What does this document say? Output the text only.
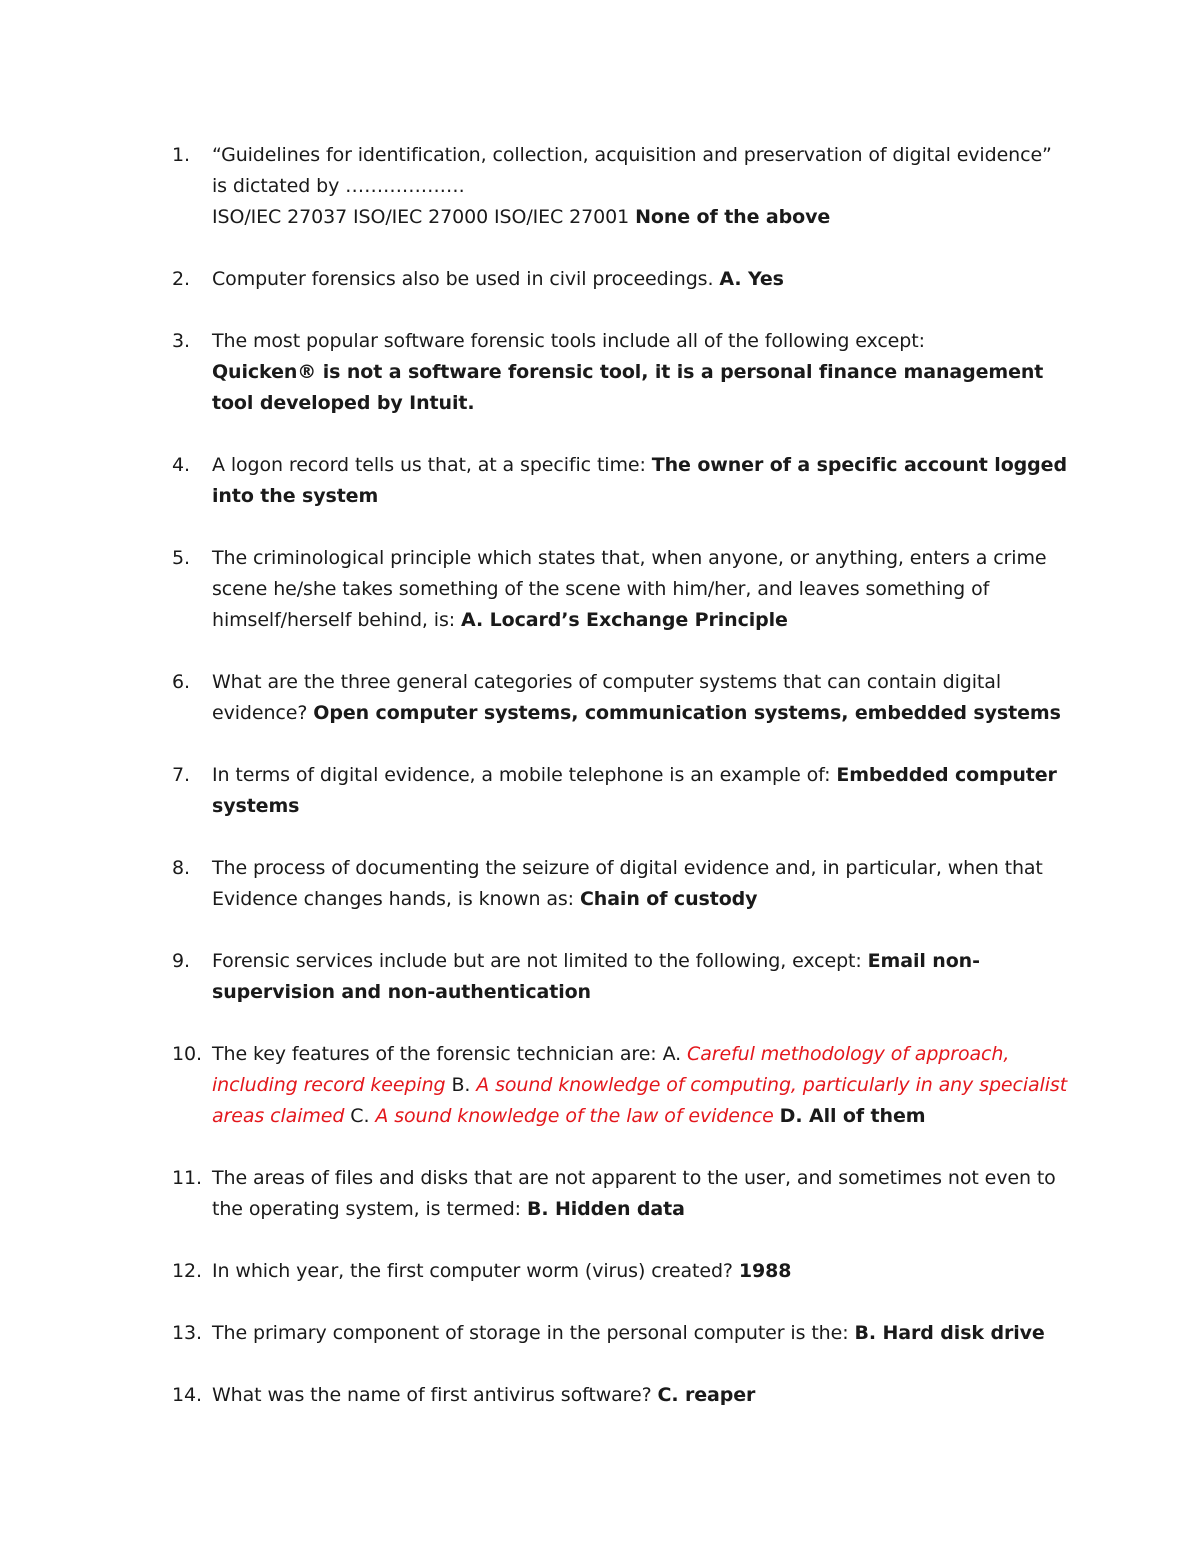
1.	“Guidelines for identification, collection, acquisition and preservation of digital evidence” is dictated by ……………….
ISO/IEC 27037 ISO/IEC 27000 ISO/IEC 27001 None of the above
2.	Computer forensics also be used in civil proceedings. A. Yes
3.	The most popular software forensic tools include all of the following except:
Quicken® is not a software forensic tool, it is a personal finance management tool developed by Intuit.
4.	A logon record tells us that, at a specific time: The owner of a specific account logged into the system
5.	The criminological principle which states that, when anyone, or anything, enters a crime scene he/she takes something of the scene with him/her, and leaves something of himself/herself behind, is: A. Locard’s Exchange Principle
6.	What are the three general categories of computer systems that can contain digital evidence? Open computer systems, communication systems, embedded systems
7.	In terms of digital evidence, a mobile telephone is an example of: Embedded computer systems
8.	The process of documenting the seizure of digital evidence and, in particular, when that Evidence changes hands, is known as: Chain of custody
9.	Forensic services include but are not limited to the following, except: Email non-supervision and non-authentication
10. The key features of the forensic technician are: A. Careful methodology of approach, including record keeping B. A sound knowledge of computing, particularly in any specialist areas claimed C. A sound knowledge of the law of evidence D. All of them
11. The areas of files and disks that are not apparent to the user, and sometimes not even to the operating system, is termed: B. Hidden data
12. In which year, the first computer worm (virus) created? 1988
13. The primary component of storage in the personal computer is the: B. Hard disk drive
14. What was the name of first antivirus software? C. reaper
